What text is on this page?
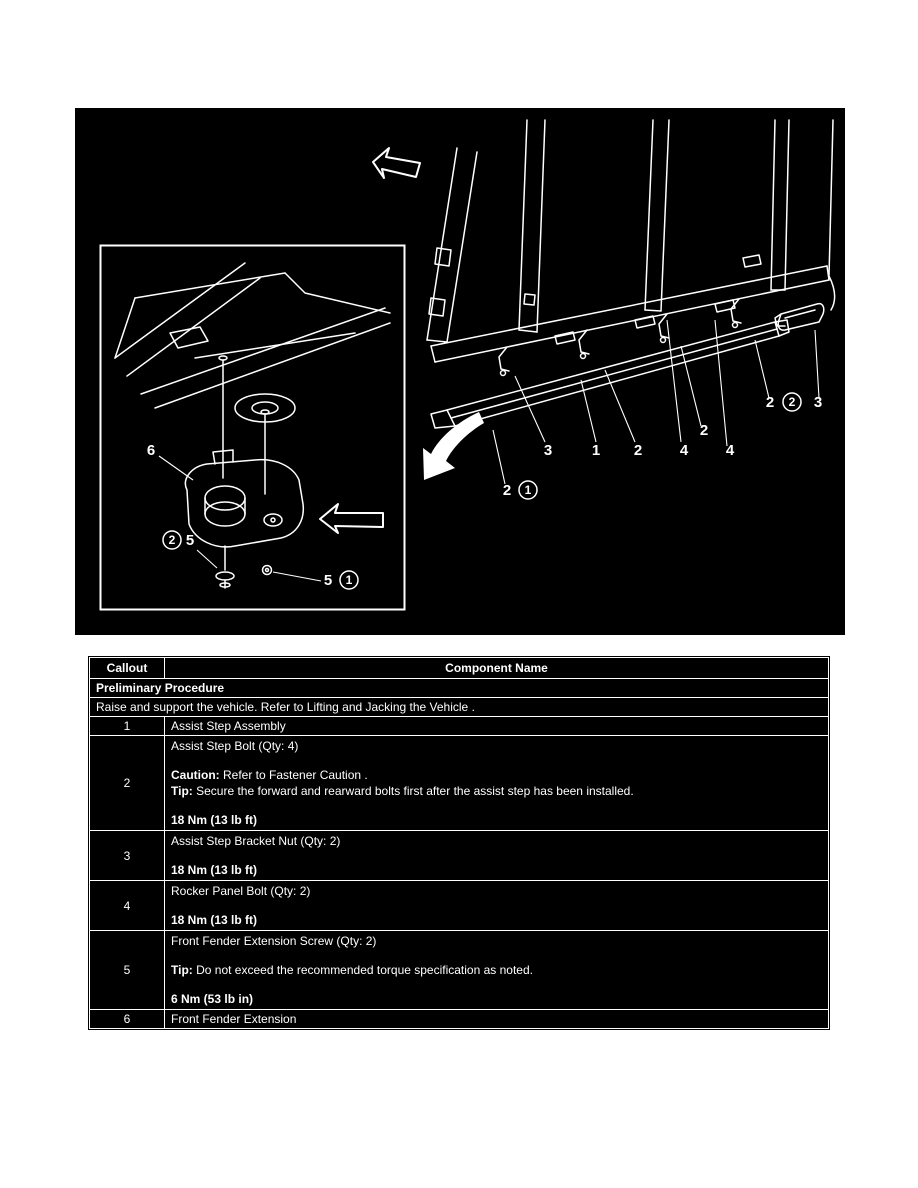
3	1 2	4
2
4
2 2 3
2 1
6
2 5
5 1
Callout	Component Name
Preliminary Procedure	
Raise and support the vehicle. Refer to Lifting and Jacking the Vehicle .	
1	Assist Step Assembly
2	Assist Step Bolt (Qty: 4)
Caution: Refer to Fastener Caution .
Tip: Secure the forward and rearward bolts first after the assist step has been installed.
18 Nm (13 lb ft)

3	Assist Step Bracket Nut (Qty: 2)
18 Nm (13 lb ft)

4	Rocker Panel Bolt (Qty: 2)
18 Nm (13 lb ft)

5	Front Fender Extension Screw (Qty: 2)
Tip: Do not exceed the recommended torque specification as noted.
6 Nm (53 lb in)

6	Front Fender Extension
